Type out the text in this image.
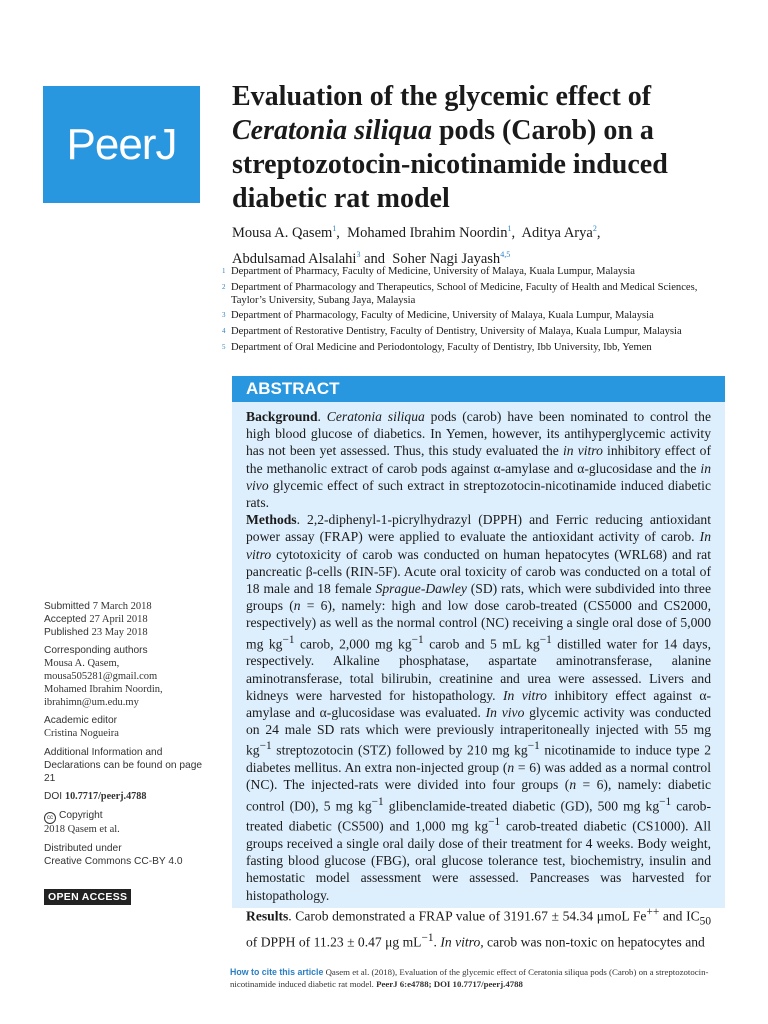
PeerJ
Evaluation of the glycemic effect of
Ceratonia siliqua pods (Carob) on a
streptozotocin-nicotinamide induced
diabetic rat model

Mousa A. Qasem$^1$,  Mohamed Ibrahim Noordin$^1$,  Aditya Arya$^2$,
Abdulsamad Alsalahi$^3$ and  Soher Nagi Jayash$^{4,5}$

1 Department of Pharmacy, Faculty of Medicine, University of Malaya, Kuala Lumpur, Malaysia
2 Department of Pharmacology and Therapeutics, School of Medicine, Faculty of Health and Medical Sciences, Taylor’s University, Subang Jaya, Malaysia
3 Department of Pharmacology, Faculty of Medicine, University of Malaya, Kuala Lumpur, Malaysia
4 Department of Restorative Dentistry, Faculty of Dentistry, University of Malaya, Kuala Lumpur, Malaysia
5 Department of Oral Medicine and Periodontology, Faculty of Dentistry, Ibb University, Ibb, Yemen
ABSTRACT

Background. Ceratonia siliqua pods (carob) have been nominated to control the high blood glucose of diabetics. In Yemen, however, its antihyperglycemic activity has not been yet assessed. Thus, this study evaluated the in vitro inhibitory effect of the methanolic extract of carob pods against α-amylase and α-glucosidase and the in vivo glycemic effect of such extract in streptozotocin-nicotinamide induced diabetic rats.

Methods. 2,2-diphenyl-1-picrylhydrazyl (DPPH) and Ferric reducing antioxidant power assay (FRAP) were applied to evaluate the antioxidant activity of carob. In vitro cytotoxicity of carob was conducted on human hepatocytes (WRL68) and rat pancreatic β-cells (RIN-5F). Acute oral toxicity of carob was conducted on a total of 18 male and 18 female Sprague-Dawley (SD) rats, which were subdivided into three groups (n = 6), namely: high and low dose carob-treated (CS5000 and CS2000, respectively) as well as the normal control (NC) receiving a single oral dose of 5,000 mg $kg^{-1}$ carob, 2,000 mg $kg^{-1}$ carob and 5 mL $kg^{-1}$ distilled water for 14 days, respectively. Alkaline phosphatase, aspartate aminotransferase, alanine aminotransferase, total bilirubin, creatinine and urea were assessed. Livers and kidneys were harvested for histopathology. In vitro inhibitory effect against α-amylase and α-glucosidase was evaluated. In vivo glycemic activity was conducted on 24 male SD rats which were previously intraperitoneally injected with 55 mg $kg^{-1}$ streptozotocin (STZ) followed by 210 mg $kg^{-1}$ nicotinamide to induce type 2 diabetes mellitus. An extra non-injected group (n = 6) was added as a normal control (NC). The injected-rats were divided into four groups (n = 6), namely: diabetic control (D0), 5 mg $kg^{-1}$ glibenclamide-treated diabetic (GD), 500 mg $kg^{-1}$ carob-treated diabetic (CS500) and 1,000 mg $kg^{-1}$ carob-treated diabetic (CS1000). All groups received a single oral daily dose of their treatment for 4 weeks. Body weight, fasting blood glucose (FBG), oral glucose tolerance test, biochemistry, insulin and hemostatic model assessment were assessed. Pancreases was harvested for histopathology.

Results. Carob demonstrated a FRAP value of 3191.67 ± 54.34 μmoL Fe++ and $IC_{50}$ of DPPH of 11.23 ± 0.47 μg $mL^{-1}$. In vitro, carob was non-toxic on hepatocytes and

Submitted 7 March 2018
Accepted 27 April 2018
Published 23 May 2018
Corresponding authors
Mousa A. Qasem,
mousa505281@gmail.com
Mohamed Ibrahim Noordin,
ibrahimn@um.edu.my
Academic editor
Cristina Nogueira
Additional Information and Declarations can be found on page 21
DOI 10.7717/peerj.4788
cc Copyright
2018 Qasem et al.
Distributed under
Creative Commons CC-BY 4.0
OPEN ACCESS
How to cite this article Qasem et al. (2018), Evaluation of the glycemic effect of Ceratonia siliqua pods (Carob) on a streptozotocin-nicotinamide induced diabetic rat model. PeerJ 6:e4788; DOI 10.7717/peerj.4788
